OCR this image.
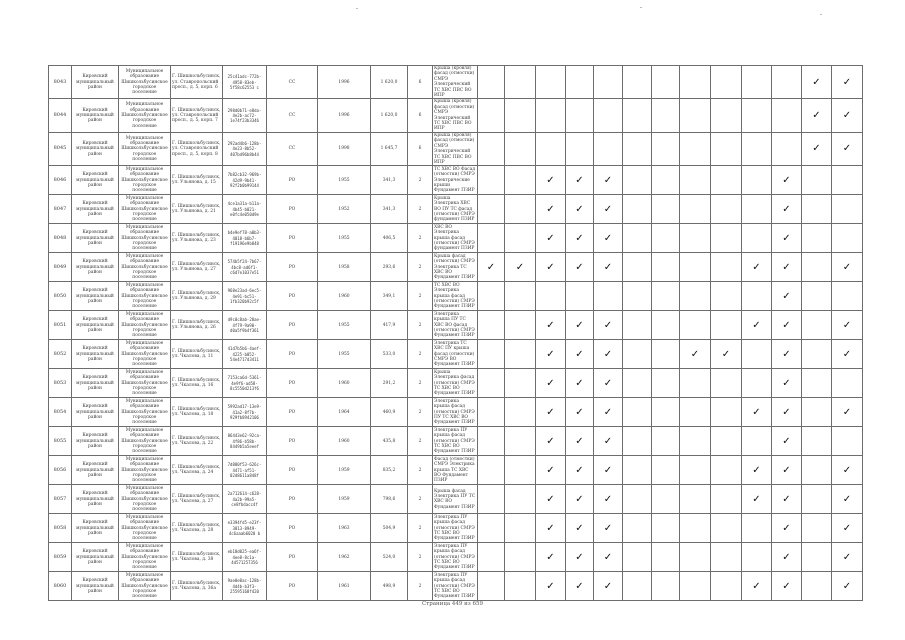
8043	Кировский муниципальный район	Муниципальное образование Шишкольбусинское городское поселение	Г. Шишкольбусинск, ул. Ставропольский просп., д. 5, корп. 6	25c41adc-772b-4958-83eb-5f58c62553 с	СС	1996	1 620,0	6	Крыша (кровля) фасад (отмостки) СМРЭ Электрический ТС ХВС ПВС ВО ИПР												✓	✓
8044	Кировский муниципальный район	Муниципальное образование Шишкольбусинское городское поселение	Г. Шишкольбусинск, ул. Ставропольский просп., д. 5, корп. 7	298d0b71-e8da-4e2b-ac72-1e74f23b3346	СС	1996	1 620,0	6	Крыша (кровля) фасад (отмостки) СМРЭ Электрический ТС ХВС ПВС ВО ИПР												✓	✓
8045	Кировский муниципальный район	Муниципальное образование Шишкольбусинское городское поселение	Г. Шишкольбусинск, ул. Ставропольский просп., д. 5, корп. 8	292ad4b6-128b-4e23-8b52-407bd96b8b44	СС	1998	1 645,7	6	Крыша (кровля) фасад (отмостки) СМРЭ Электрический ТС ХВС ПВС ВО ИПР												✓	✓
8046	Кировский муниципальный район	Муниципальное образование Шишкольбусинское городское поселение	Г. Шишкольбусинск, ул. Ульянова, д. 15	7b82cb32-969b-42d9-9b41-92f2b0b99144	РО	1955	341,3	2	ТС ХВС ВО Фасад (отмостки) СМРЭ Электрические крыши Фундамент ПЗИР			✓	✓	✓						✓		
8047	Кировский муниципальный район	Муниципальное образование Шишкольбусинское городское поселение	Г. Шишкольбусинск, ул. Ульянова, д. 21	4ce1a31a-b11a-4b45-b021-e0fc4e050d9e	РО	1952	341,3	2	Крыша Электрика ХВС ВО ПУ ТС фасад (отмостки) СМРЭ фундамент ПЗИР			✓	✓	✓						✓		
8048	Кировский муниципальный район	Муниципальное образование Шишкольбусинское городское поселение	Г. Шишкольбусинск, ул. Ульянова, д. 23	b4e9ef78-a0b3-4018-b6b7-f19196e9b848	РО	1955	406,5	2	ХВС ВО Электрика крыша фасад (отмостки) СМРЭ фундамент ПЗИР			✓	✓	✓						✓		
8049	Кировский муниципальный район	Муниципальное образование Шишкольбусинское городское поселение	Г. Шишкольбусинск, ул. Ульянова, д. 27	574b5f24-7b67-4bc8-ad6f1-c6d7e1037e51	РО	1958	293,6	2	Крыша фасад (отмостки) СМРЭ Электрика ТС ХВС ВО Фундамент ПЗИР	✓	✓	✓	✓	✓					✓	✓		✓
8050	Кировский муниципальный район	Муниципальное образование Шишкольбусинское городское поселение	Г. Шишкольбусинск, ул. Ульянова, д. 29	968e23ad-6ec5-4e91-bc51-1fb320b92c5f	РО	1960	349,1	2	ТС ХВС ВО Электрика крыша фасад (отмостки) СМРЭ Фундамент ПЗИР											✓		
8051	Кировский муниципальный район	Муниципальное образование Шишкольбусинское городское поселение	Г. Шишкольбусинск, ул. Ульянова, д. 26	d9c0c8ab-28ae-4f79-9a90-d0a5f9b4f361	РО	1955	417,9	2	Электрика крыша ПУ ТС ХВС ВО фасад (отмостки) СМРЭ Фундамент ПЗИР			✓	✓	✓					✓	✓		✓
8052	Кировский муниципальный район	Муниципальное образование Шишкольбусинское городское поселение	Г. Шишкольбусинск, ул. Чкалова, д. 11	41d7b5b6-4aef-4225-b052-54e4717d3411	РО	1955	533,0	2	Электрика ТС ХВС ПУ крыша фасад (отмостки) СМРЭ ВО Фундамент ПЗИР			✓	✓	✓			✓	✓		✓		✓
8053	Кировский муниципальный район	Муниципальное образование Шишкольбусинское городское поселение	Г. Шишкольбусинск, ул. Чкалова, д. 16	7153ca6d-5361-4e9f6-ad58-8c5550d213f6	РО	1960	291,2	2	Крыша Электрика фасад (отмостки) СМРЭ ТС ХВС ВО Фундамент ПЗИР			✓	✓	✓						✓		
8054	Кировский муниципальный район	Муниципальное образование Шишкольбусинское городское поселение	Г. Шишкольбусинск, ул. Чкалова, д. 18	5992ad17-13e9-41a2-8f7b-929fb8942106	РО	1964	460,9	2	Электрика крыша фасад (отмостки) СМРЭ ПУ ТС ХВС ВО Фундамент ПЗИР			✓	✓	✓					✓	✓		✓
8055	Кировский муниципальный район	Муниципальное образование Шишкольбусинское городское поселение	Г. Шишкольбусинск, ул. Чкалова, д. 22	86443e62-92ca-4f86-b58b-8449b5a5eeef	РО	1960	435,8	2	Электрика ПУ крыша фасад (отмостки) СМРЭ ТС ХВС ВО Фундамент ПЗИР			✓	✓	✓						✓		
8056	Кировский муниципальный район	Муниципальное образование Шишкольбусинское городское поселение	Г. Шишкольбусинск, ул. Чкалова, д. 24	7d880f53-626c-4471-af51-02d8611a848f	РО	1959	835,2	2	Фасад (отмостки) СМРЭ Электрика крыша ТС ХВС ВО Фундамент ПЗИР			✓	✓	✓					✓	✓		✓
8057	Кировский муниципальный район	Муниципальное образование Шишкольбусинское городское поселение	Г. Шишкольбусинск, ул. Чкалова, д. 27	2a712614-c628-4a2b-99a5-ce8fbdacc4f	РО	1959	798,6	2	Крыша фасад Электрика ПУ ТС ХВС ВО Фундамент ПЗИР			✓	✓	✓					✓	✓		✓
8058	Кировский муниципальный район	Муниципальное образование Шишкольбусинское городское поселение	Г. Шишкольбусинск, ул. Чкалова, д. 28	e3394fd5-e23f-3813-8949-4c6aaab6020 b	РО	1963	504,9	2	Электрика ПУ крыша фасад (отмостки) СМРЭ ТС ХВС ВО Фундамент ПЗИР			✓	✓	✓						✓		✓
8059	Кировский муниципальный район	Муниципальное образование Шишкольбусинское городское поселение	Г. Шишкольбусинск, ул. Чкалова, д. 38	eb18d025-ea6f-4ee8-8c1a-4d571257356	РО	1962	524,0	2	Электрика ПУ крыша фасад (отмостки) СМРЭ ТС ХВС ВО Фундамент ПЗИР			✓	✓	✓						✓		✓
8060	Кировский муниципальный район	Муниципальное образование Шишкольбусинское городское поселение	Г. Шишкольбусинск, ул. Чкалова, д. 36а	9ae0e0ac-128b-4d4b-b3f3-25595168f420	РО	1961	498,9	2	Электрика ПУ крыша фасад (отмостки) СМРЭ ТС ХВС ВО Фундамент ПЗИР			✓	✓	✓					✓	✓		✓
Страница 449 из 659
